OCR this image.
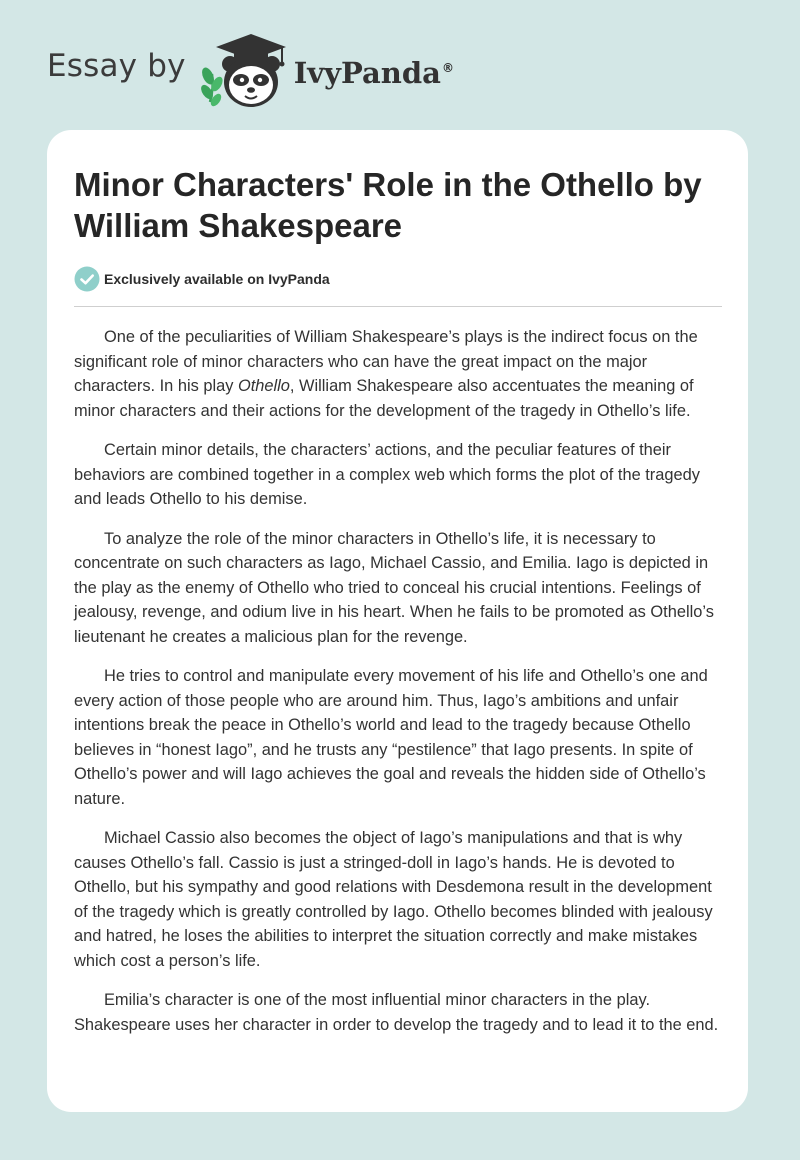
Essay by	IvyPanda®
Minor Characters' Role in the Othello by William Shakespeare
Exclusively available on IvyPanda

One of the peculiarities of William Shakespeare’s plays is the indirect focus on the significant role of minor characters who can have the great impact on the major characters. In his play Othello, William Shakespeare also accentuates the meaning of minor characters and their actions for the development of the tragedy in Othello’s life.

Certain minor details, the characters’ actions, and the peculiar features of their behaviors are combined together in a complex web which forms the plot of the tragedy and leads Othello to his demise.

To analyze the role of the minor characters in Othello’s life, it is necessary to concentrate on such characters as Iago, Michael Cassio, and Emilia. Iago is depicted in the play as the enemy of Othello who tried to conceal his crucial intentions. Feelings of jealousy, revenge, and odium live in his heart. When he fails to be promoted as Othello’s lieutenant he creates a malicious plan for the revenge.

He tries to control and manipulate every movement of his life and Othello’s one and every action of those people who are around him. Thus, Iago’s ambitions and unfair intentions break the peace in Othello’s world and lead to the tragedy because Othello believes in “honest Iago”, and he trusts any “pestilence” that Iago presents. In spite of Othello’s power and will Iago achieves the goal and reveals the hidden side of Othello’s nature.

Michael Cassio also becomes the object of Iago’s manipulations and that is why causes Othello’s fall. Cassio is just a stringed-doll in Iago’s hands. He is devoted to Othello, but his sympathy and good relations with Desdemona result in the development of the tragedy which is greatly controlled by Iago. Othello becomes blinded with jealousy and hatred, he loses the abilities to interpret the situation correctly and make mistakes which cost a person’s life.

Emilia’s character is one of the most influential minor characters in the play. Shakespeare uses her character in order to develop the tragedy and to lead it to the end.
